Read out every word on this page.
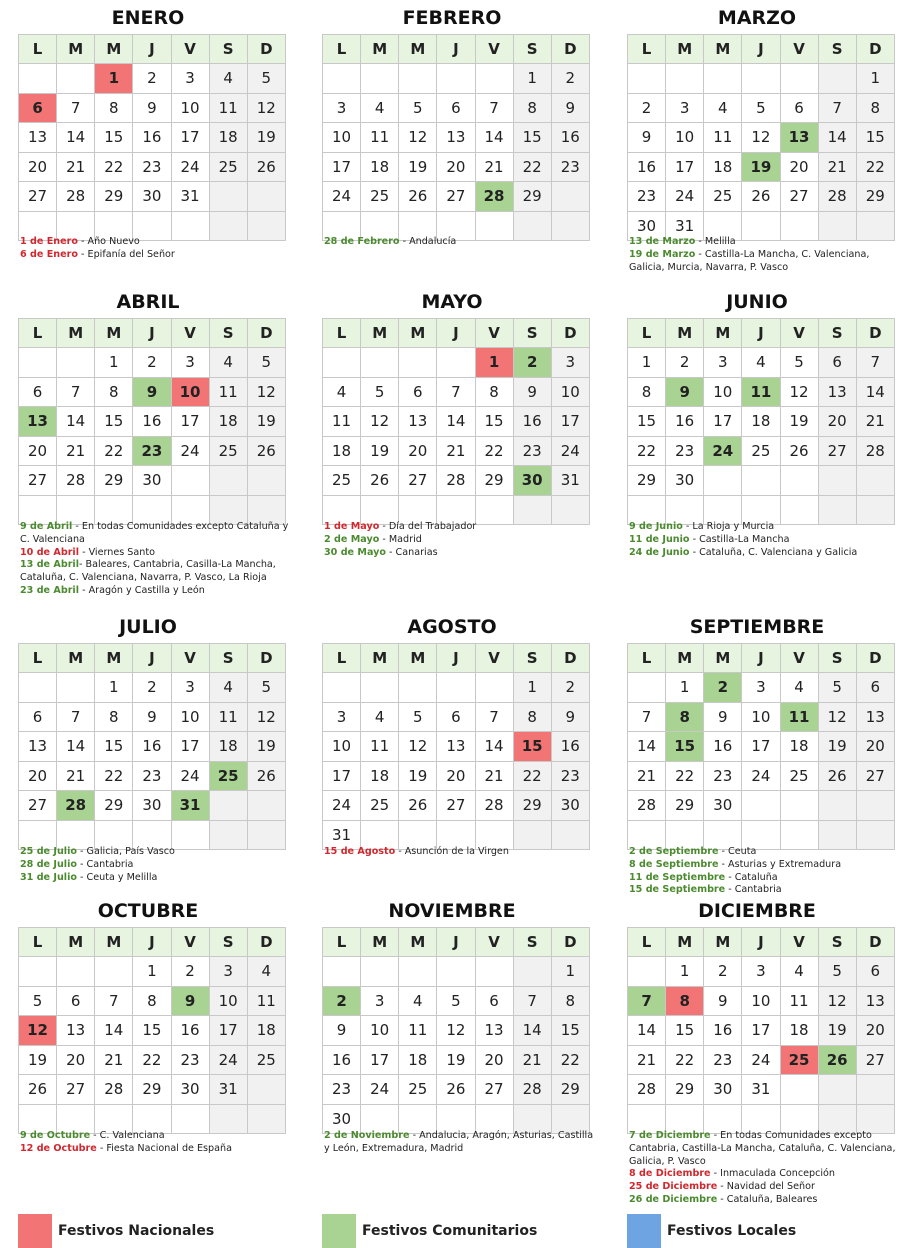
ENERO
L	M	M	J	V	S	D
		1	2	3	4	5
6	7	8	9	10	11	12
13	14	15	16	17	18	19
20	21	22	23	24	25	26
27	28	29	30	31		

1 de Enero - Año Nuevo
6 de Enero - Epifanía del Señor
FEBRERO
L	M	M	J	V	S	D
					1	2
3	4	5	6	7	8	9
10	11	12	13	14	15	16
17	18	19	20	21	22	23
24	25	26	27	28	29	

28 de Febrero - Andalucía
MARZO
L	M	M	J	V	S	D
						1
2	3	4	5	6	7	8
9	10	11	12	13	14	15
16	17	18	19	20	21	22
23	24	25	26	27	28	29
30	31					
13 de Marzo - Melilla
19 de Marzo - Castilla-La Mancha, C. Valenciana, Galicia, Murcia, Navarra, P. Vasco
ABRIL
L	M	M	J	V	S	D
		1	2	3	4	5
6	7	8	9	10	11	12
13	14	15	16	17	18	19
20	21	22	23	24	25	26
27	28	29	30			

9 de Abril - En todas Comunidades excepto Cataluña y C. Valenciana
10 de Abril - Viernes Santo
13 de Abril- Baleares, Cantabria, Casilla-La Mancha, Cataluña, C. Valenciana, Navarra, P. Vasco, La Rioja
23 de Abril - Aragón y Castilla y León
MAYO
L	M	M	J	V	S	D
				1	2	3
4	5	6	7	8	9	10
11	12	13	14	15	16	17
18	19	20	21	22	23	24
25	26	27	28	29	30	31

1 de Mayo - Día del Trabajador
2 de Mayo - Madrid
30 de Mayo - Canarias
JUNIO
L	M	M	J	V	S	D
1	2	3	4	5	6	7
8	9	10	11	12	13	14
15	16	17	18	19	20	21
22	23	24	25	26	27	28
29	30					

9 de Junio - La Rioja y Murcia
11 de Junio - Castilla-La Mancha
24 de Junio - Cataluña, C. Valenciana y Galicia
JULIO
L	M	M	J	V	S	D
		1	2	3	4	5
6	7	8	9	10	11	12
13	14	15	16	17	18	19
20	21	22	23	24	25	26
27	28	29	30	31		

25 de Julio - Galicia, País Vasco
28 de Julio - Cantabria
31 de Julio - Ceuta y Melilla
AGOSTO
L	M	M	J	V	S	D
					1	2
3	4	5	6	7	8	9
10	11	12	13	14	15	16
17	18	19	20	21	22	23
24	25	26	27	28	29	30
31						
15 de Agosto - Asunción de la Virgen
SEPTIEMBRE
L	M	M	J	V	S	D
	1	2	3	4	5	6
7	8	9	10	11	12	13
14	15	16	17	18	19	20
21	22	23	24	25	26	27
28	29	30				

2 de Septiembre - Ceuta
8 de Septiembre - Asturias y Extremadura
11 de Septiembre - Cataluña
15 de Septiembre - Cantabria
OCTUBRE
L	M	M	J	V	S	D
			1	2	3	4
5	6	7	8	9	10	11
12	13	14	15	16	17	18
19	20	21	22	23	24	25
26	27	28	29	30	31	

9 de Octubre - C. Valenciana
12 de Octubre - Fiesta Nacional de España
NOVIEMBRE
L	M	M	J	V	S	D
						1
2	3	4	5	6	7	8
9	10	11	12	13	14	15
16	17	18	19	20	21	22
23	24	25	26	27	28	29
30						
2 de Noviembre - Andalucia, Aragón, Asturias, Castilla y León, Extremadura, Madrid
DICIEMBRE
L	M	M	J	V	S	D
	1	2	3	4	5	6
7	8	9	10	11	12	13
14	15	16	17	18	19	20
21	22	23	24	25	26	27
28	29	30	31			

7 de Diciembre - En todas Comunidades excepto Cantabria, Castilla-La Mancha, Cataluña, C. Valenciana, Galicia, P. Vasco
8 de Diciembre - Inmaculada Concepción
25 de Diciembre - Navidad del Señor
26 de Diciembre - Cataluña, Baleares
Festivos Nacionales	Festivos Comunitarios	Festivos Locales
